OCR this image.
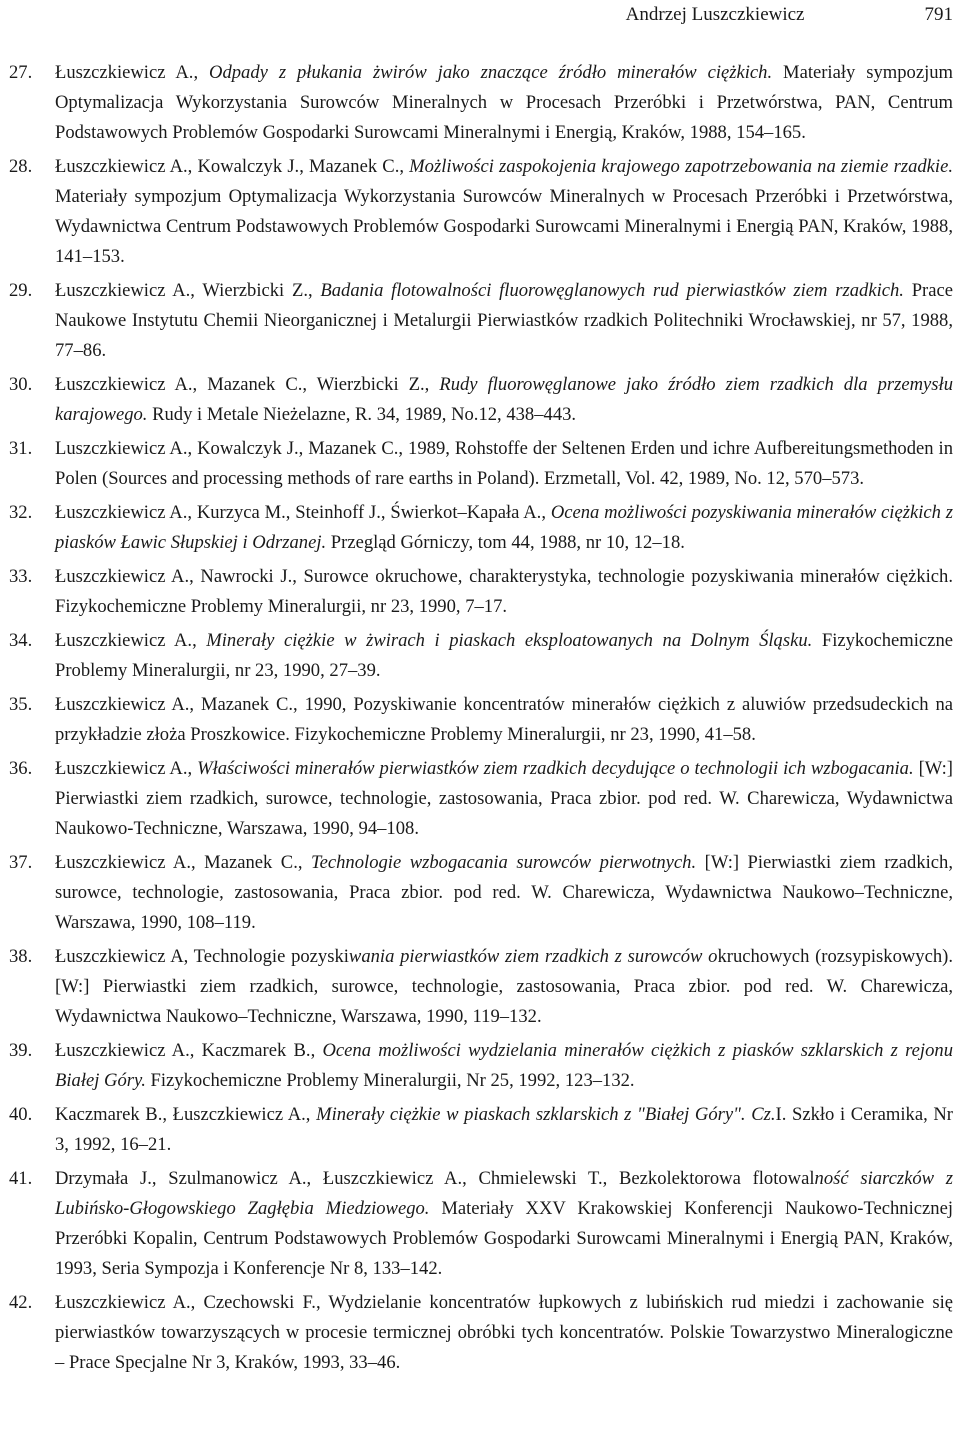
Andrzej Luszczkiewicz	791
27. Łuszczkiewicz A., Odpady z płukania żwirów jako znaczące źródło minerałów ciężkich. Materiały sympozjum Optymalizacja Wykorzystania Surowców Mineralnych w Procesach Przeróbki i Przetwórstwa, PAN, Centrum Podstawowych Problemów Gospodarki Surowcami Mineralnymi i Energią, Kraków, 1988, 154–165.
28. Łuszczkiewicz A., Kowalczyk J., Mazanek C., Możliwości zaspokojenia krajowego zapotrzebowania na ziemie rzadkie. Materiały sympozjum Optymalizacja Wykorzystania Surowców Mineralnych w Procesach Przeróbki i Przetwórstwa, Wydawnictwa Centrum Podstawowych Problemów Gospodarki Surowcami Mineralnymi i Energią PAN, Kraków, 1988, 141–153.
29. Łuszczkiewicz A., Wierzbicki Z., Badania flotowalności fluorowęglanowych rud pierwiastków ziem rzadkich. Prace Naukowe Instytutu Chemii Nieorganicznej i Metalurgii Pierwiastków rzadkich Politechniki Wrocławskiej, nr 57, 1988, 77–86.
30. Łuszczkiewicz A., Mazanek C., Wierzbicki Z., Rudy fluorowęglanowe jako źródło ziem rzadkich dla przemysłu karajowego. Rudy i Metale Nieżelazne, R. 34, 1989, No.12, 438–443.
31. Luszczkiewicz A., Kowalczyk J., Mazanek C., 1989, Rohstoffe der Seltenen Erden und ichre Aufbereitungsmethoden in Polen (Sources and processing methods of rare earths in Poland). Erzmetall, Vol. 42, 1989, No. 12, 570–573.
32. Łuszczkiewicz A., Kurzyca M., Steinhoff J., Świerkot–Kapała A., Ocena możliwości pozyskiwania minerałów ciężkich z piasków Ławic Słupskiej i Odrzanej. Przegląd Górniczy, tom 44, 1988, nr 10, 12–18.
33. Łuszczkiewicz A., Nawrocki J., Surowce okruchowe, charakterystyka, technologie pozyskiwania minerałów ciężkich. Fizykochemiczne Problemy Mineralurgii, nr 23, 1990, 7–17.
34. Łuszczkiewicz A., Minerały ciężkie w żwirach i piaskach eksploatowanych na Dolnym Śląsku. Fizykochemiczne Problemy Mineralurgii, nr 23, 1990, 27–39.
35. Łuszczkiewicz A., Mazanek C., 1990, Pozyskiwanie koncentratów minerałów ciężkich z aluwiów przedsudeckich na przykładzie złoża Proszkowice. Fizykochemiczne Problemy Mineralurgii, nr 23, 1990, 41–58.
36. Łuszczkiewicz A., Właściwości minerałów pierwiastków ziem rzadkich decydujące o technologii ich wzbogacania. [W:] Pierwiastki ziem rzadkich, surowce, technologie, zastosowania, Praca zbior. pod red. W. Charewicza, Wydawnictwa Naukowo-Techniczne, Warszawa, 1990, 94–108.
37. Łuszczkiewicz A., Mazanek C., Technologie wzbogacania surowców pierwotnych. [W:] Pierwiastki ziem rzadkich, surowce, technologie, zastosowania, Praca zbior. pod red. W. Charewicza, Wydawnictwa Naukowo–Techniczne, Warszawa, 1990, 108–119.
38. Łuszczkiewicz A, Technologie pozyskiwania pierwiastków ziem rzadkich z surowców okruchowych (rozsypiskowych). [W:] Pierwiastki ziem rzadkich, surowce, technologie, zastosowania, Praca zbior. pod red. W. Charewicza, Wydawnictwa Naukowo–Techniczne, Warszawa, 1990, 119–132.
39. Łuszczkiewicz A., Kaczmarek B., Ocena możliwości wydzielania minerałów ciężkich z piasków szklarskich z rejonu Białej Góry. Fizykochemiczne Problemy Mineralurgii, Nr 25, 1992, 123–132.
40. Kaczmarek B., Łuszczkiewicz A., Minerały ciężkie w piaskach szklarskich z "Białej Góry". Cz.I. Szkło i Ceramika, Nr 3, 1992, 16–21.
41. Drzymała J., Szulmanowicz A., Łuszczkiewicz A., Chmielewski T., Bezkolektorowa flotowalność siarczków z Lubińsko-Głogowskiego Zagłębia Miedziowego. Materiały XXV Krakowskiej Konferencji Naukowo-Technicznej Przeróbki Kopalin, Centrum Podstawowych Problemów Gospodarki Surowcami Mineralnymi i Energią PAN, Kraków, 1993, Seria Sympozja i Konferencje Nr 8, 133–142.
42. Łuszczkiewicz A., Czechowski F., Wydzielanie koncentratów łupkowych z lubińskich rud miedzi i zachowanie się pierwiastków towarzyszących w procesie termicznej obróbki tych koncentratów. Polskie Towarzystwo Mineralogiczne – Prace Specjalne Nr 3, Kraków, 1993, 33–46.
